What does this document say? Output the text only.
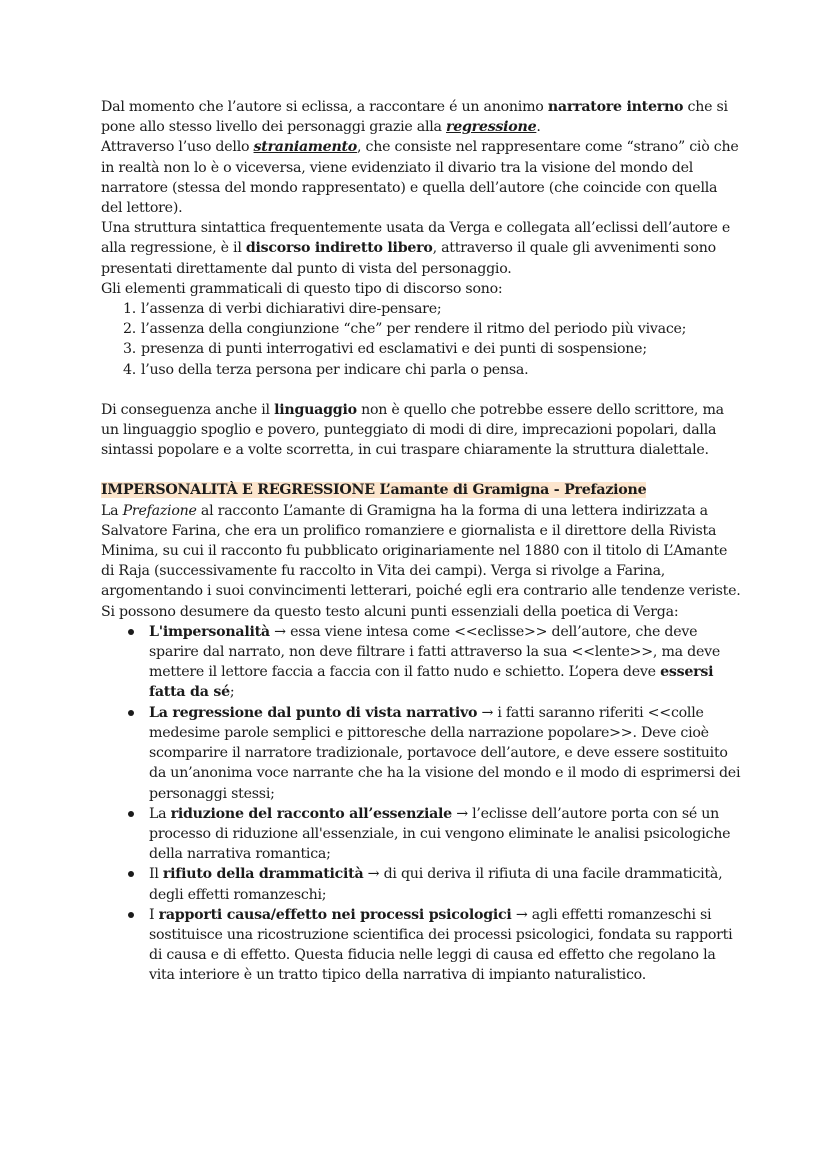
Dal momento che l’autore si eclissa, a raccontare é un anonimo narratore interno che si pone allo stesso livello dei personaggi grazie alla regressione.

Attraverso l’uso dello straniamento, che consiste nel rappresentare come “strano” ciò che in realtà non lo è o viceversa, viene evidenziato il divario tra la visione del mondo del narratore (stessa del mondo rappresentato) e quella dell’autore (che coincide con quella del lettore).

Una struttura sintattica frequentemente usata da Verga e collegata all’eclissi dell’autore e alla regressione, è il discorso indiretto libero, attraverso il quale gli avvenimenti sono presentati direttamente dal punto di vista del personaggio.

Gli elementi grammaticali di questo tipo di discorso sono:

1. l’assenza di verbi dichiarativi dire-pensare;
2. l’assenza della congiunzione “che” per rendere il ritmo del periodo più vivace;
3. presenza di punti interrogativi ed esclamativi e dei punti di sospensione;
4. l’uso della terza persona per indicare chi parla o pensa.

Di conseguenza anche il linguaggio non è quello che potrebbe essere dello scrittore, ma un linguaggio spoglio e povero, punteggiato di modi di dire, imprecazioni popolari, dalla sintassi popolare e a volte scorretta, in cui traspare chiaramente la struttura dialettale.

IMPERSONALITÀ E REGRESSIONE L’amante di Gramigna - Prefazione

La Prefazione al racconto L’amante di Gramigna ha la forma di una lettera indirizzata a Salvatore Farina, che era un prolifico romanziere e giornalista e il direttore della Rivista Minima, su cui il racconto fu pubblicato originariamente nel 1880 con il titolo di L’Amante di Raja (successivamente fu raccolto in Vita dei campi). Verga si rivolge a Farina, argomentando i suoi convincimenti letterari, poiché egli era contrario alle tendenze veriste.

Si possono desumere da questo testo alcuni punti essenziali della poetica di Verga:

L'impersonalità → essa viene intesa come <<eclisse>> dell’autore, che deve sparire dal narrato, non deve filtrare i fatti attraverso la sua <<lente>>, ma deve mettere il lettore faccia a faccia con il fatto nudo e schietto. L’opera deve essersi fatta da sé;
La regressione dal punto di vista narrativo → i fatti saranno riferiti <<colle medesime parole semplici e pittoresche della narrazione popolare>>. Deve cioè scomparire il narratore tradizionale, portavoce dell’autore, e deve essere sostituito da un’anonima voce narrante che ha la visione del mondo e il modo di esprimersi dei personaggi stessi;
La riduzione del racconto all’essenziale → l’eclisse dell’autore porta con sé un processo di riduzione all'essenziale, in cui vengono eliminate le analisi psicologiche della narrativa romantica;
Il rifiuto della drammaticità → di qui deriva il rifiuta di una facile drammaticità, degli effetti romanzeschi;
I rapporti causa/effetto nei processi psicologici → agli effetti romanzeschi si sostituisce una ricostruzione scientifica dei processi psicologici, fondata su rapporti di causa e di effetto. Questa fiducia nelle leggi di causa ed effetto che regolano la vita interiore è un tratto tipico della narrativa di impianto naturalistico.
